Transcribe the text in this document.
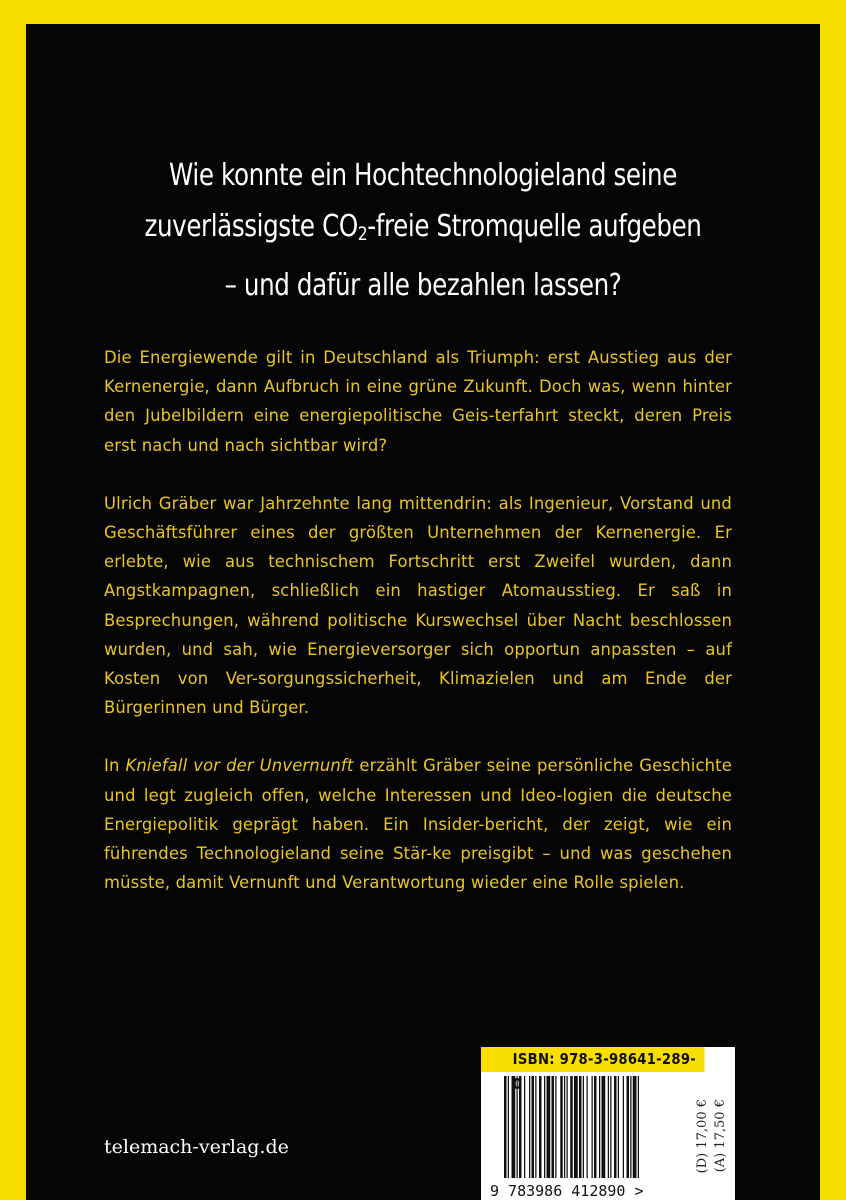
Wie konnte ein Hochtechnologieland seine
zuverlässigste $CO_2$-freie Stromquelle aufgeben
– und dafür alle bezahlen lassen?

Die Energiewende gilt in Deutschland als Triumph: erst Ausstieg aus der Kernenergie, dann Aufbruch in eine grüne Zukunft. Doch was, wenn hinter den Jubelbildern eine energiepolitische Geis-terfahrt steckt, deren Preis erst nach und nach sichtbar wird?

Ulrich Gräber war Jahrzehnte lang mittendrin: als Ingenieur, Vorstand und Geschäftsführer eines der größten Unternehmen der Kernenergie. Er erlebte, wie aus technischem Fortschritt erst Zweifel wurden, dann Angstkampagnen, schließlich ein hastiger Atomausstieg. Er saß in Besprechungen, während politische Kurswechsel über Nacht beschlossen wurden, und sah, wie Energieversorger sich opportun anpassten – auf Kosten von Ver-sorgungssicherheit, Klimazielen und am Ende der Bürgerinnen und Bürger.

In Kniefall vor der Unvernunft erzählt Gräber seine persönliche Geschichte und legt zugleich offen, welche Interessen und Ideo-logien die deutsche Energiepolitik geprägt haben. Ein Insider-bericht, der zeigt, wie ein führendes Technologieland seine Stär-ke preisgibt – und was geschehen müsste, damit Vernunft und Verantwortung wieder eine Rolle spielen.

telemach-verlag.de
ISBN: 978-3-98641-289-0
9 783986 412890 >
(D) 17,00 € (A) 17,50 €
